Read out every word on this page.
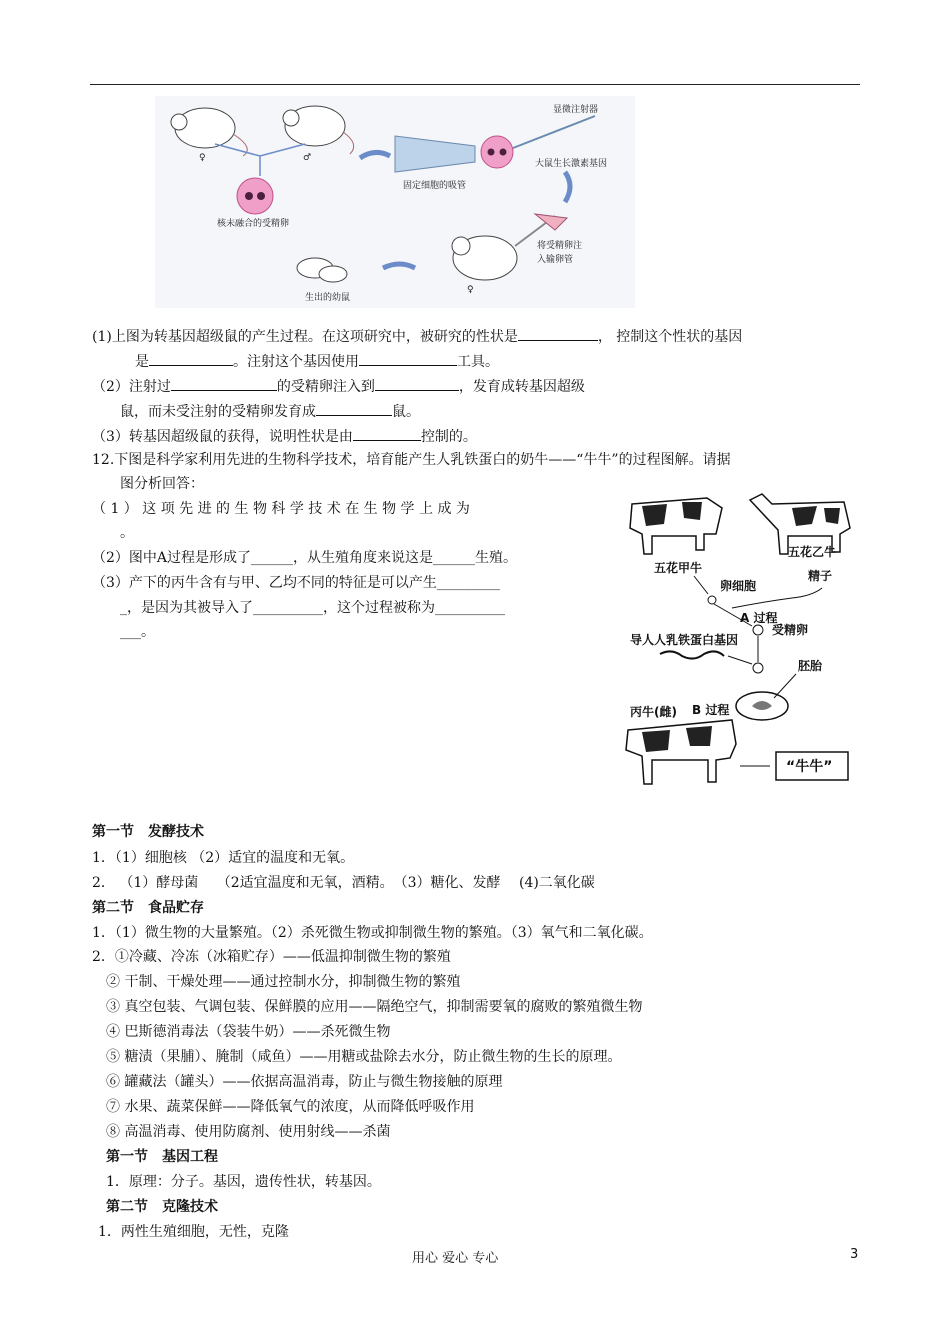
♀	♂
核未融合的受精卵
显微注射器
大鼠生长激素基因
固定细胞的吸管
♀
将受精卵注
入输卵管
生出的幼鼠
(1)上图为转基因超级鼠的产生过程。在这项研究中，被研究的性状是	， 控制这个性状的基因
是	。注射这个基因使用	工具。
（2）注射过	的受精卵注入到	，发育成转基因超级
鼠，而未受注射的受精卵发育成	鼠。
（3）转基因超级鼠的获得，说明性状是由	控制的。
12.下图是科学家利用先进的生物科学技术，培育能产生人乳铁蛋白的奶牛——“牛牛”的过程图解。请据
图分析回答：
（ 1 ） 这 项 先 进 的 生 物 科 学 技 术 在 生 物 学 上 成 为
。
（2）图中A过程是形成了______，从生殖角度来说这是______生殖。
（3）产下的丙牛含有与甲、乙均不同的特征是可以产生_________
_，是因为其被导入了__________，这个过程被称为__________
___。
五花甲牛
五花乙牛
卵细胞
精子
A 过程
受精卵
导人人乳铁蛋白基因
胚胎
丙牛(雌) B 过程
“牛牛”
第一节　发酵技术
1．（1）细胞核 （2）适宜的温度和无氧。
2． （1）酵母菌　 （2适宜温度和无氧，酒精。　（3）糖化、发酵　 (4)二氧化碳
第二节　食品贮存
1．（1）微生物的大量繁殖。（2）杀死微生物或抑制微生物的繁殖。（3）氧气和二氧化碳。
2．①冷藏、冷冻（冰箱贮存）——低温抑制微生物的繁殖
② 干制、干燥处理——通过控制水分，抑制微生物的繁殖
③ 真空包装、气调包装、保鲜膜的应用——隔绝空气，抑制需要氧的腐败的繁殖微生物
④ 巴斯德消毒法（袋装牛奶）——杀死微生物
⑤ 糖渍（果脯）、腌制（咸鱼）——用糖或盐除去水分，防止微生物的生长的原理。
⑥ 罐藏法（罐头）——依据高温消毒，防止与微生物接触的原理
⑦ 水果、蔬菜保鲜——降低氧气的浓度，从而降低呼吸作用
⑧ 高温消毒、使用防腐剂、使用射线——杀菌
第一节　基因工程
1．原理：分子。基因，遗传性状，转基因。
第二节　克隆技术
1．两性生殖细胞，无性，克隆
用心 爱心 专心	3
